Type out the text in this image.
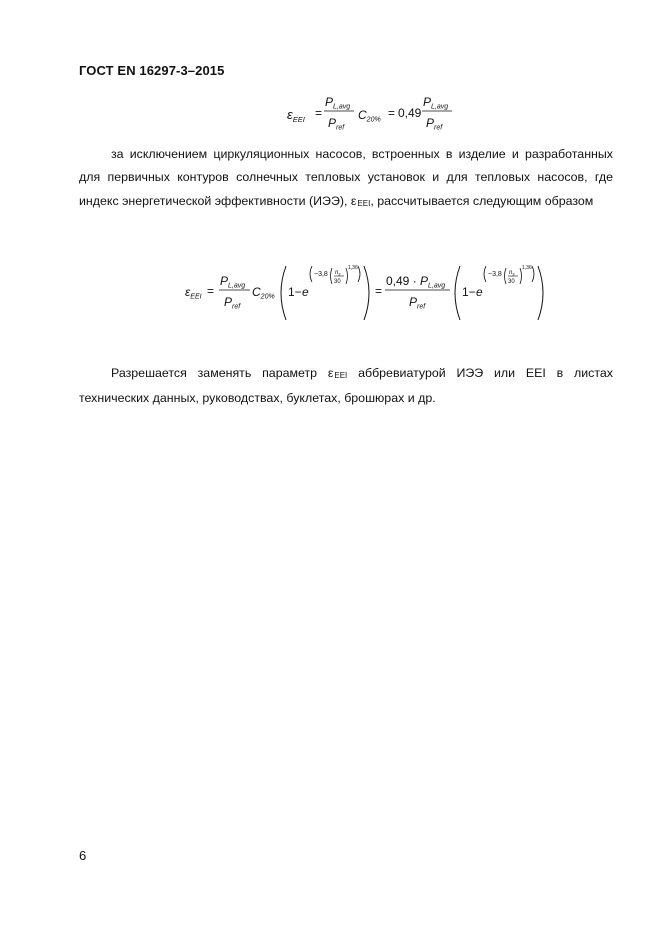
ГОСТ EN 16297-3–2015

$\varepsilon_{EEI}$ =
$P_{L,avg}$
$P_{ref}$
$C_{20\%} = 0,49$
$P_{L,avg}$
$P_{ref}$

за исключением циркуляционных насосов, встроенных в изделие и разработанных для первичных контуров солнечных тепловых установок и для тепловых насосов, где индекс энергетической эффективности (ИЭЭ), εEEI, рассчитывается следующим образом

$\varepsilon_{EEI}$ =
$P_{L,avg}$
$P_{ref}$
$C_{20\%}$ 1− e
−3,8 $n_s$
30
1,36
=
$0,49 \cdot P_{L,avg}$
$P_{ref}$
1− e
−3,8 $n_s$
30
1,36

Разрешается заменять параметр εEEI аббревиатурой ИЭЭ или EEI в листах технических данных, руководствах, буклетах, брошюрах и др.

6
